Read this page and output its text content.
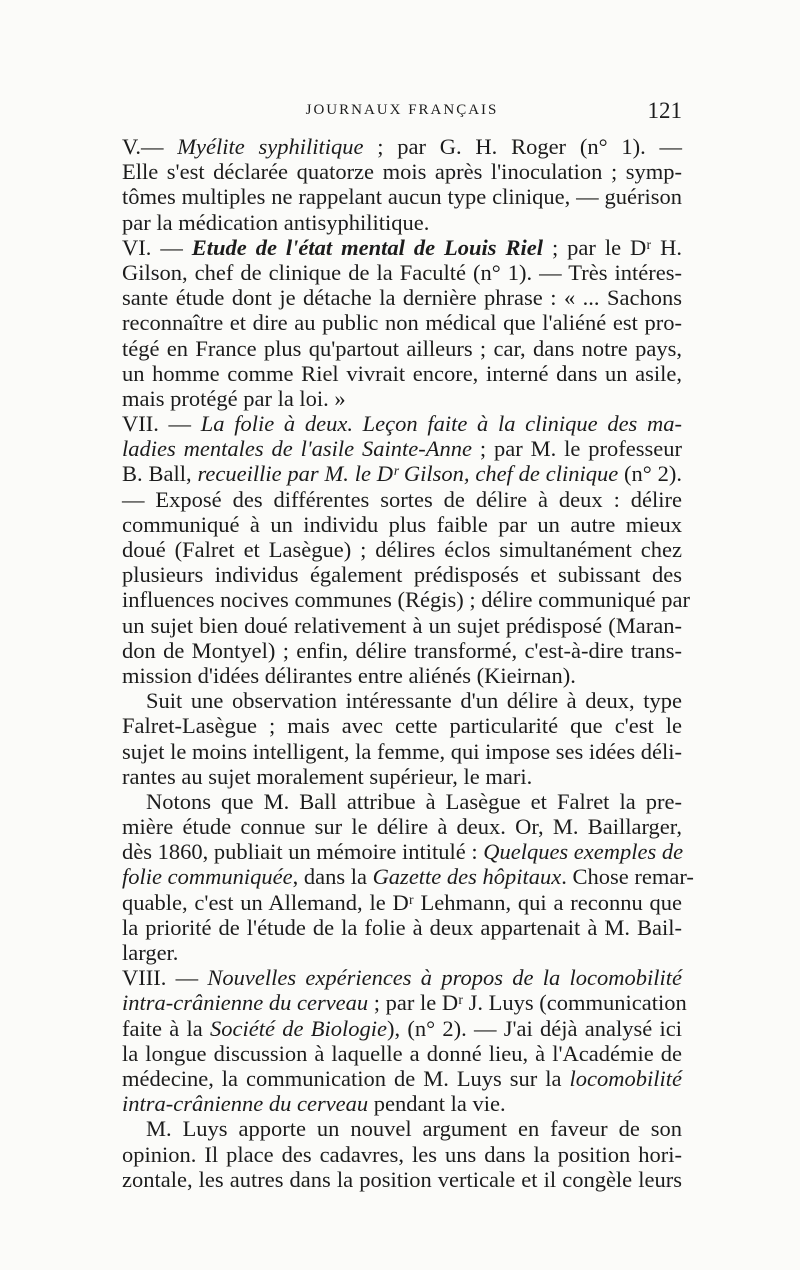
JOURNAUX FRANÇAIS	121
V.— Myélite syphilitique ; par G. H. Roger (n° 1). —
Elle s'est déclarée quatorze mois après l'inoculation ; symp-
tômes multiples ne rappelant aucun type clinique, — guérison
par la médication antisyphilitique.
VI. — Etude de l'état mental de Louis Riel ; par le Dʳ H.
Gilson, chef de clinique de la Faculté (n° 1). — Très intéres-
sante étude dont je détache la dernière phrase : « ... Sachons
reconnaître et dire au public non médical que l'aliéné est pro-
tégé en France plus qu'partout ailleurs ; car, dans notre pays,
un homme comme Riel vivrait encore, interné dans un asile,
mais protégé par la loi. »
VII. — La folie à deux. Leçon faite à la clinique des ma-
ladies mentales de l'asile Sainte-Anne ; par M. le professeur
B. Ball, recueillie par M. le Dʳ Gilson, chef de clinique (n° 2).
— Exposé des différentes sortes de délire à deux : délire
communiqué à un individu plus faible par un autre mieux
doué (Falret et Lasègue) ; délires éclos simultanément chez
plusieurs individus également prédisposés et subissant des
influences nocives communes (Régis) ; délire communiqué par
un sujet bien doué relativement à un sujet prédisposé (Maran-
don de Montyel) ; enfin, délire transformé, c'est-à-dire trans-
mission d'idées délirantes entre aliénés (Kieirnan).
Suit une observation intéressante d'un délire à deux, type
Falret-Lasègue ; mais avec cette particularité que c'est le
sujet le moins intelligent, la femme, qui impose ses idées déli-
rantes au sujet moralement supérieur, le mari.
Notons que M. Ball attribue à Lasègue et Falret la pre-
mière étude connue sur le délire à deux. Or, M. Baillarger,
dès 1860, publiait un mémoire intitulé : Quelques exemples de
folie communiquée, dans la Gazette des hôpitaux. Chose remar-
quable, c'est un Allemand, le Dʳ Lehmann, qui a reconnu que
la priorité de l'étude de la folie à deux appartenait à M. Bail-
larger.
VIII. — Nouvelles expériences à propos de la locomobilité
intra-crânienne du cerveau ; par le Dʳ J. Luys (communication
faite à la Société de Biologie), (n° 2). — J'ai déjà analysé ici
la longue discussion à laquelle a donné lieu, à l'Académie de
médecine, la communication de M. Luys sur la locomobilité
intra-crânienne du cerveau pendant la vie.
M. Luys apporte un nouvel argument en faveur de son
opinion. Il place des cadavres, les uns dans la position hori-
zontale, les autres dans la position verticale et il congèle leurs
